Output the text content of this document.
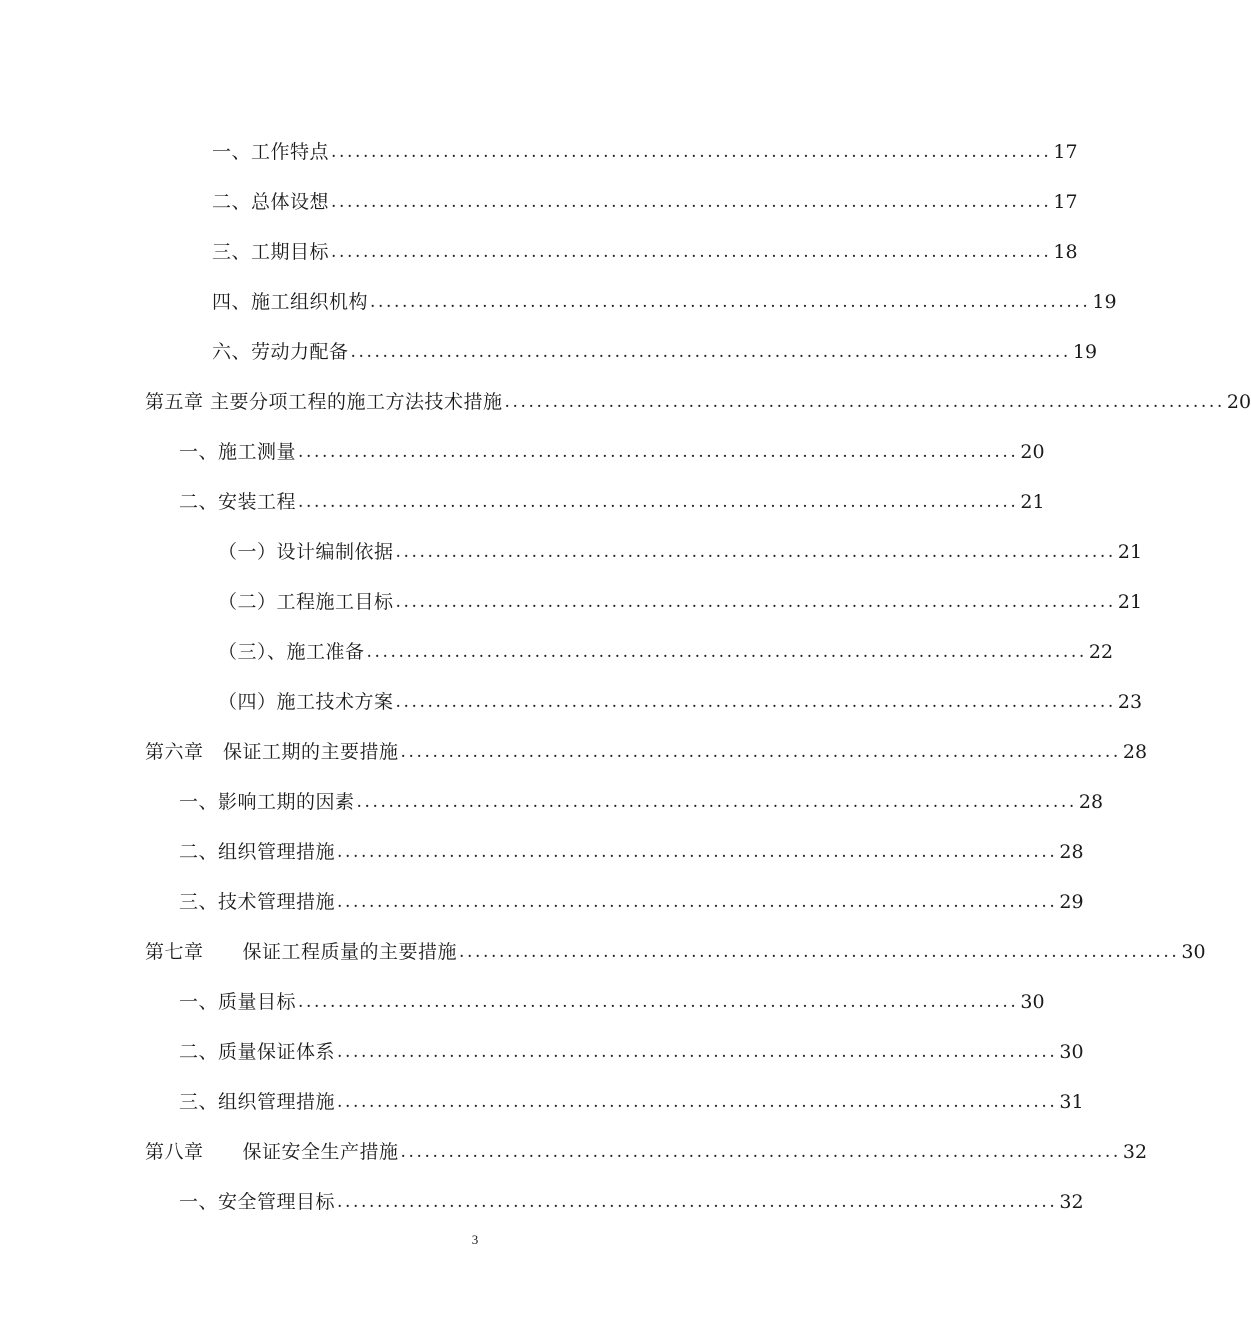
一、工作特点 .......................................................................................... 17
二、总体设想 .......................................................................................... 17
三、工期目标 .......................................................................................... 18
四、施工组织机构 .......................................................................................... 19
六、劳动力配备 .......................................................................................... 19
第五章 主要分项工程的施工方法技术措施 .......................................................................................... 20
一、施工测量 .......................................................................................... 20
二、安装工程 .......................................................................................... 21
（一）设计编制依据 .......................................................................................... 21
（二）工程施工目标 .......................................................................................... 21
（三）、施工准备 .......................................................................................... 22
（四）施工技术方案 .......................................................................................... 23
第六章　保证工期的主要措施 .......................................................................................... 28
一、影响工期的因素 .......................................................................................... 28
二、组织管理措施 .......................................................................................... 28
三、技术管理措施 .......................................................................................... 29
第七章　　保证工程质量的主要措施 .......................................................................................... 30
一、质量目标 .......................................................................................... 30
二、质量保证体系 .......................................................................................... 30
三、组织管理措施 .......................................................................................... 31
第八章　　保证安全生产措施 .......................................................................................... 32
一、安全管理目标 .......................................................................................... 32
3
